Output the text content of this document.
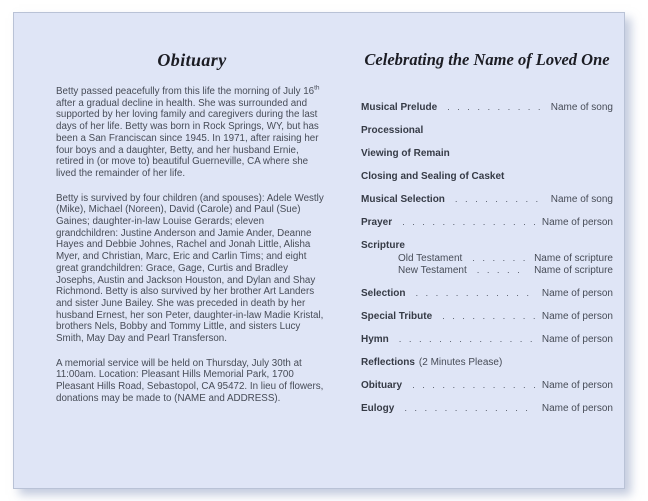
Obituary

Betty passed peacefully from this life the morning of July 16th after a gradual decline in health. She was surrounded and supported by her loving family and caregivers during the last days of her life. Betty was born in Rock Springs, WY, but has been a San Franciscan since 1945. In 1971, after raising her four boys and a daughter, Betty, and her husband Ernie, retired in (or move to) beautiful Guerneville, CA where she lived the remainder of her life.

Betty is survived by four children (and spouses): Adele Westly (Mike), Michael (Noreen), David (Carole) and Paul (Sue) Gaines; daughter-in-law Louise Gerards; eleven grandchildren: Justine Anderson and Jamie Ander, Deanne Hayes and Debbie Johnes, Rachel and Jonah Little, Alisha Myer, and Christian, Marc, Eric and Carlin Tims; and eight great grandchildren: Grace, Gage, Curtis and Bradley Josephs, Austin and Jackson Houston, and Dylan and Shay Richmond. Betty is also survived by her brother Art Landers and sister June Bailey. She was preceded in death by her husband Ernest, her son Peter, daughter-in-law Madie Kristal, brothers Nels, Bobby and Tommy Little, and sisters Lucy Smith, May Day and Pearl Transferson.

A memorial service will be held on Thursday, July 30th at 11:00am. Location: Pleasant Hills Memorial Park, 1700 Pleasant Hills Road, Sebastopol, CA 95472. In lieu of flowers, donations may be made to (NAME and ADDRESS).

Celebrating the Name of Loved One
Musical Prelude . . .	Name of song
Processional
Viewing of Remain
Closing and Sealing of Casket
Musical Selection . . .	Name of song
Prayer . . .	Name of person
Scripture
Old Testament . . .	Name of scripture
New Testament . . .	Name of scripture
Selection . . .	Name of person
Special Tribute . . .	Name of person
Hymn . . .	Name of person
Reflections (2 Minutes Please)
Obituary . . .	Name of person
Eulogy . . .	Name of person
